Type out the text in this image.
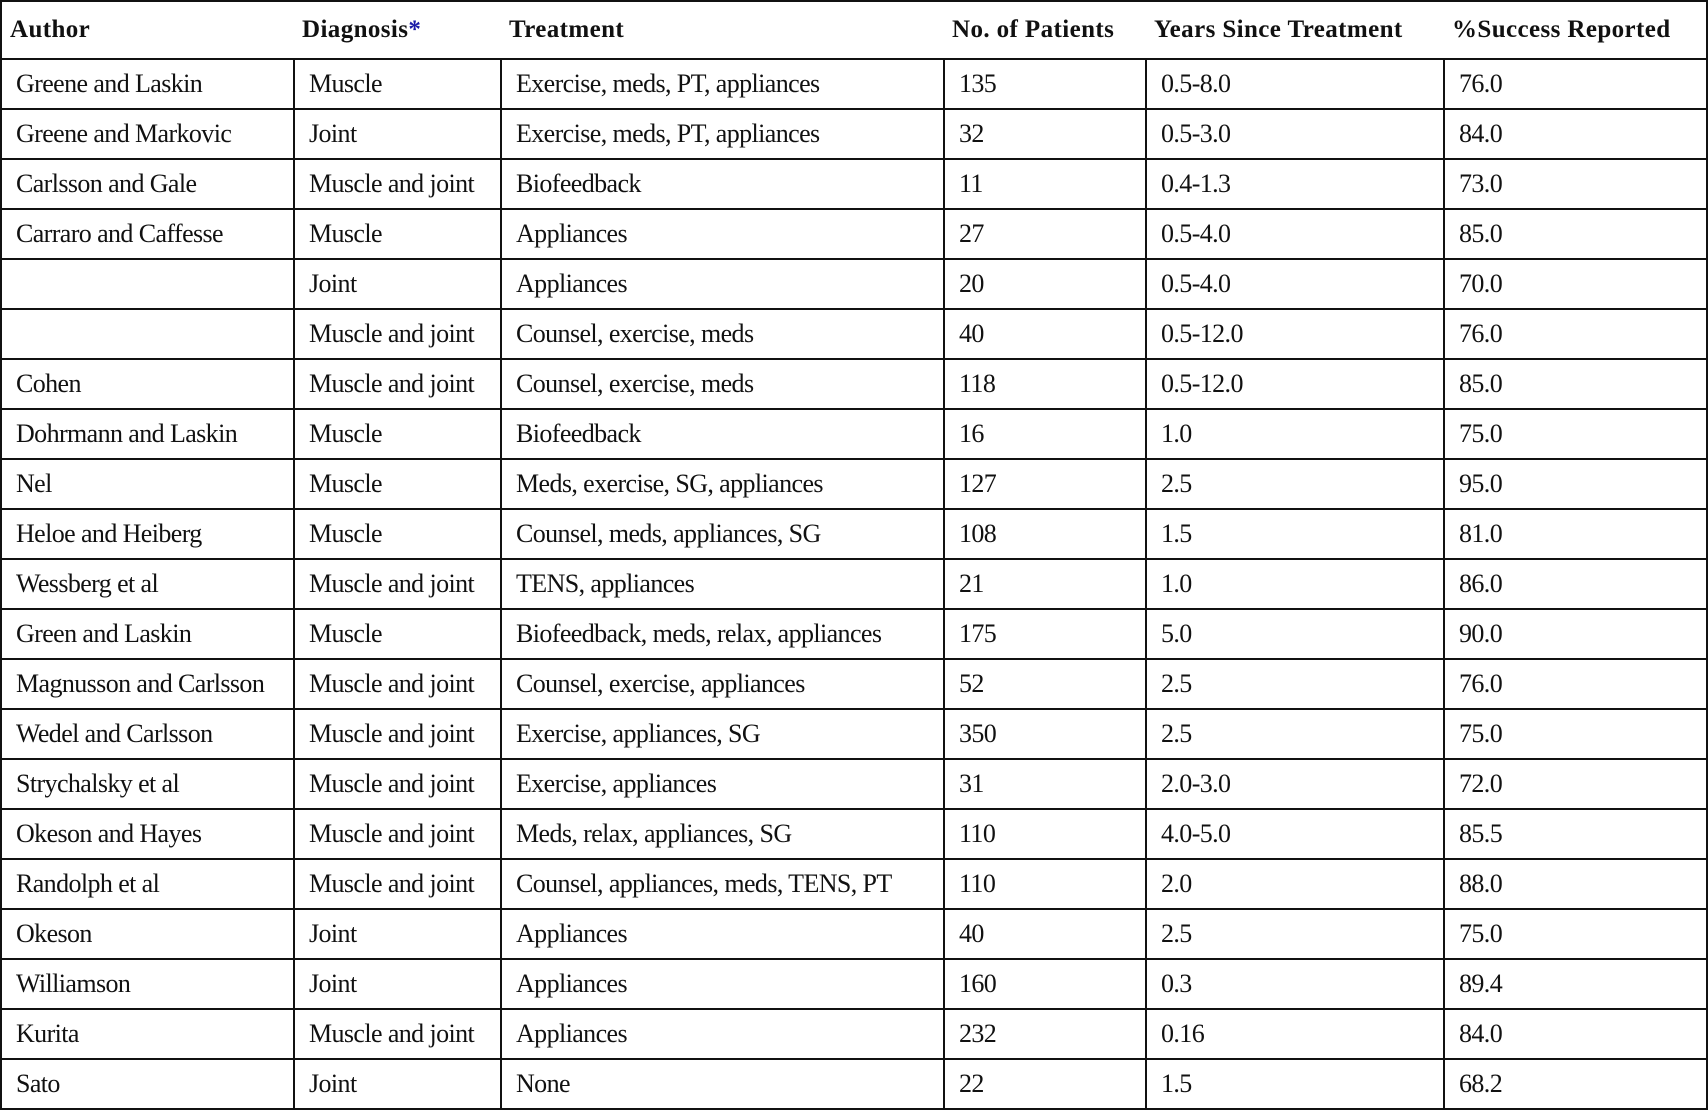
Author	Diagnosis*	Treatment	No. of Patients	Years Since Treatment	%Success Reported
Greene and Laskin	Muscle	Exercise, meds, PT, appliances	135	0.5-8.0	76.0
Greene and Markovic	Joint	Exercise, meds, PT, appliances	32	0.5-3.0	84.0
Carlsson and Gale	Muscle and joint	Biofeedback	11	0.4-1.3	73.0
Carraro and Caffesse	Muscle	Appliances	27	0.5-4.0	85.0
	Joint	Appliances	20	0.5-4.0	70.0
	Muscle and joint	Counsel, exercise, meds	40	0.5-12.0	76.0
Cohen	Muscle and joint	Counsel, exercise, meds	118	0.5-12.0	85.0
Dohrmann and Laskin	Muscle	Biofeedback	16	1.0	75.0
Nel	Muscle	Meds, exercise, SG, appliances	127	2.5	95.0
Heloe and Heiberg	Muscle	Counsel, meds, appliances, SG	108	1.5	81.0
Wessberg et al	Muscle and joint	TENS, appliances	21	1.0	86.0
Green and Laskin	Muscle	Biofeedback, meds, relax, appliances	175	5.0	90.0
Magnusson and Carlsson	Muscle and joint	Counsel, exercise, appliances	52	2.5	76.0
Wedel and Carlsson	Muscle and joint	Exercise, appliances, SG	350	2.5	75.0
Strychalsky et al	Muscle and joint	Exercise, appliances	31	2.0-3.0	72.0
Okeson and Hayes	Muscle and joint	Meds, relax, appliances, SG	110	4.0-5.0	85.5
Randolph et al	Muscle and joint	Counsel, appliances, meds, TENS, PT	110	2.0	88.0
Okeson	Joint	Appliances	40	2.5	75.0
Williamson	Joint	Appliances	160	0.3	89.4
Kurita	Muscle and joint	Appliances	232	0.16	84.0
Sato	Joint	None	22	1.5	68.2
